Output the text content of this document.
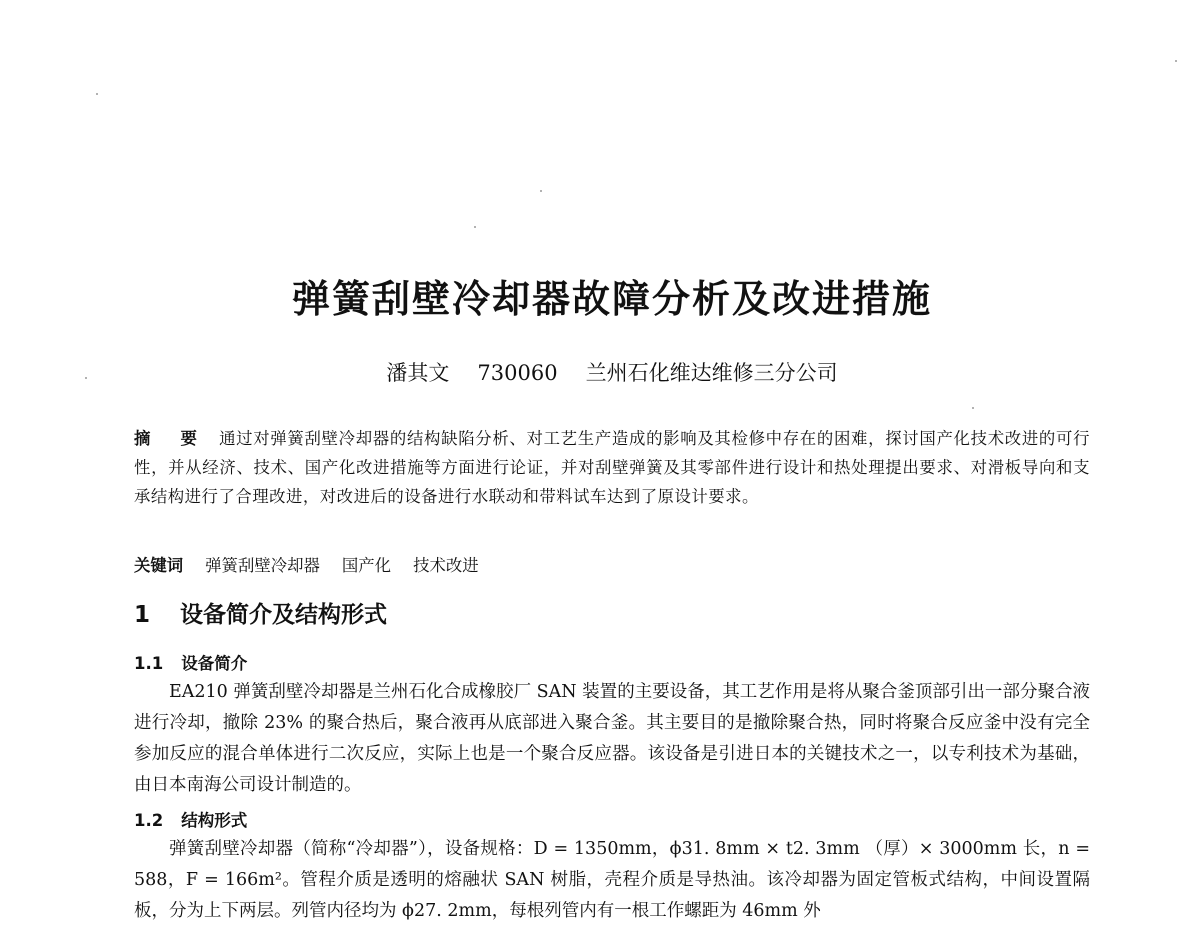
弹簧刮壁冷却器故障分析及改进措施
潘其文 730060 兰州石化维达维修三分公司
摘 要 通过对弹簧刮壁冷却器的结构缺陷分析、对工艺生产造成的影响及其检修中存在的困难，探讨国产化技术改进的可行性，并从经济、技术、国产化改进措施等方面进行论证，并对刮壁弹簧及其零部件进行设计和热处理提出要求、对滑板导向和支承结构进行了合理改进，对改进后的设备进行水联动和带料试车达到了原设计要求。
关键词 弹簧刮壁冷却器 国产化 技术改进
1 设备简介及结构形式
1.1 设备简介

EA210 弹簧刮壁冷却器是兰州石化合成橡胶厂 SAN 装置的主要设备，其工艺作用是将从聚合釜顶部引出一部分聚合液进行冷却，撤除 23% 的聚合热后，聚合液再从底部进入聚合釜。其主要目的是撤除聚合热，同时将聚合反应釜中没有完全参加反应的混合单体进行二次反应，实际上也是一个聚合反应器。该设备是引进日本的关键技术之一，以专利技术为基础，由日本南海公司设计制造的。

1.2 结构形式

弹簧刮壁冷却器（简称“冷却器”），设备规格：D = 1350mm，ϕ31. 8mm × t2. 3mm （厚）× 3000mm 长，n = 588，F = 166m²。管程介质是透明的熔融状 SAN 树脂，壳程介质是导热油。该冷却器为固定管板式结构，中间设置隔板，分为上下两层。列管内径均为 ϕ27. 2mm，每根列管内有一根工作螺距为 46mm 外
